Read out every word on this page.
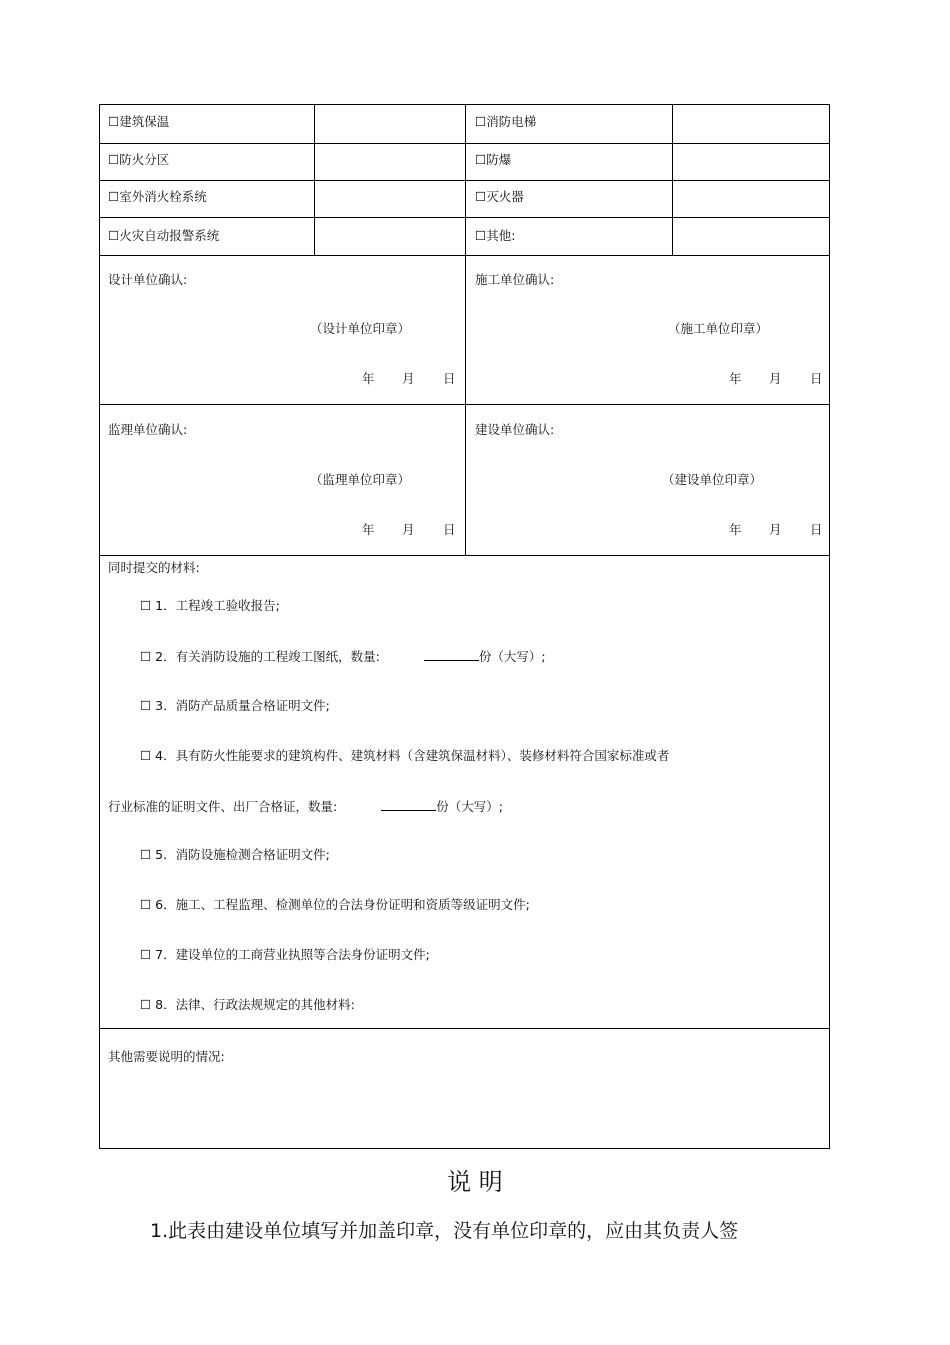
☐建筑保温	☐消防电梯
☐防火分区	☐防爆
☐室外消火栓系统	☐灭火器
☐火灾自动报警系统	☐其他:
设计单位确认:
（设计单位印章）
年 月 日
施工单位确认:
（施工单位印章）
年 月 日
监理单位确认:
（监理单位印章）
年 月 日
建设单位确认:
（建设单位印章）
年 月 日
同时提交的材料:
☐ 1．工程竣工验收报告;
☐ 2．有关消防设施的工程竣工图纸，数量:	份（大写）;
☐ 3．消防产品质量合格证明文件;
☐ 4．具有防火性能要求的建筑构件、建筑材料（含建筑保温材料）、装修材料符合国家标准或者
行业标准的证明文件、出厂合格证，数量:	份（大写）;
☐ 5．消防设施检测合格证明文件;
☐ 6．施工、工程监理、检测单位的合法身份证明和资质等级证明文件;
☐ 7．建设单位的工商营业执照等合法身份证明文件;
☐ 8．法律、行政法规规定的其他材料:
其他需要说明的情况:
说 明
1.此表由建设单位填写并加盖印章，没有单位印章的，应由其负责人签
